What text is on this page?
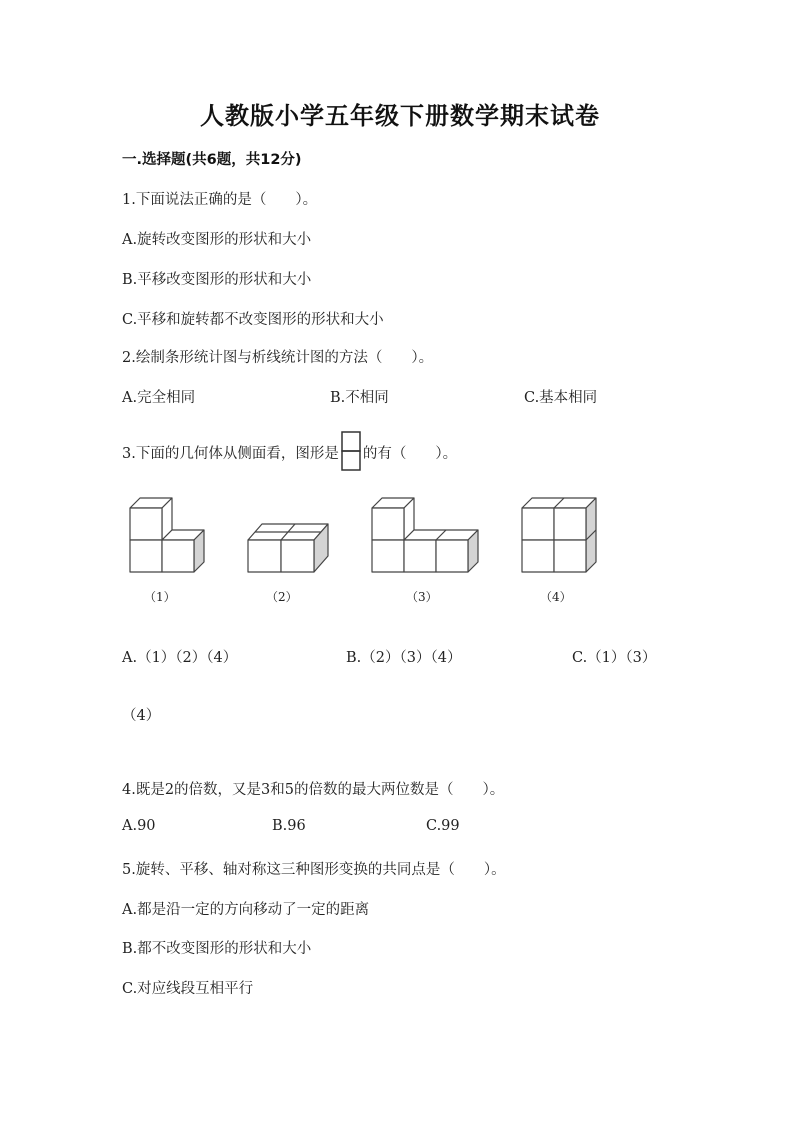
人教版小学五年级下册数学期末试卷
一.选择题(共6题，共12分)
1.下面说法正确的是（　　）。
A.旋转改变图形的形状和大小
B.平移改变图形的形状和大小
C.平移和旋转都不改变图形的形状和大小
2.绘制条形统计图与析线统计图的方法（　　）。
A.完全相同	B.不相同	C.基本相同
3.下面的几何体从侧面看，图形是 的有（　　）。
（1）	（2）	（3）	（4）
A.（1）（2）（4）	B.（2）（3）（4）	C.（1）（3）
（4）
4.既是2的倍数，又是3和5的倍数的最大两位数是（　　）。
A.90	B.96	C.99
5.旋转、平移、轴对称这三种图形变换的共同点是（　　）。
A.都是沿一定的方向移动了一定的距离
B.都不改变图形的形状和大小
C.对应线段互相平行
